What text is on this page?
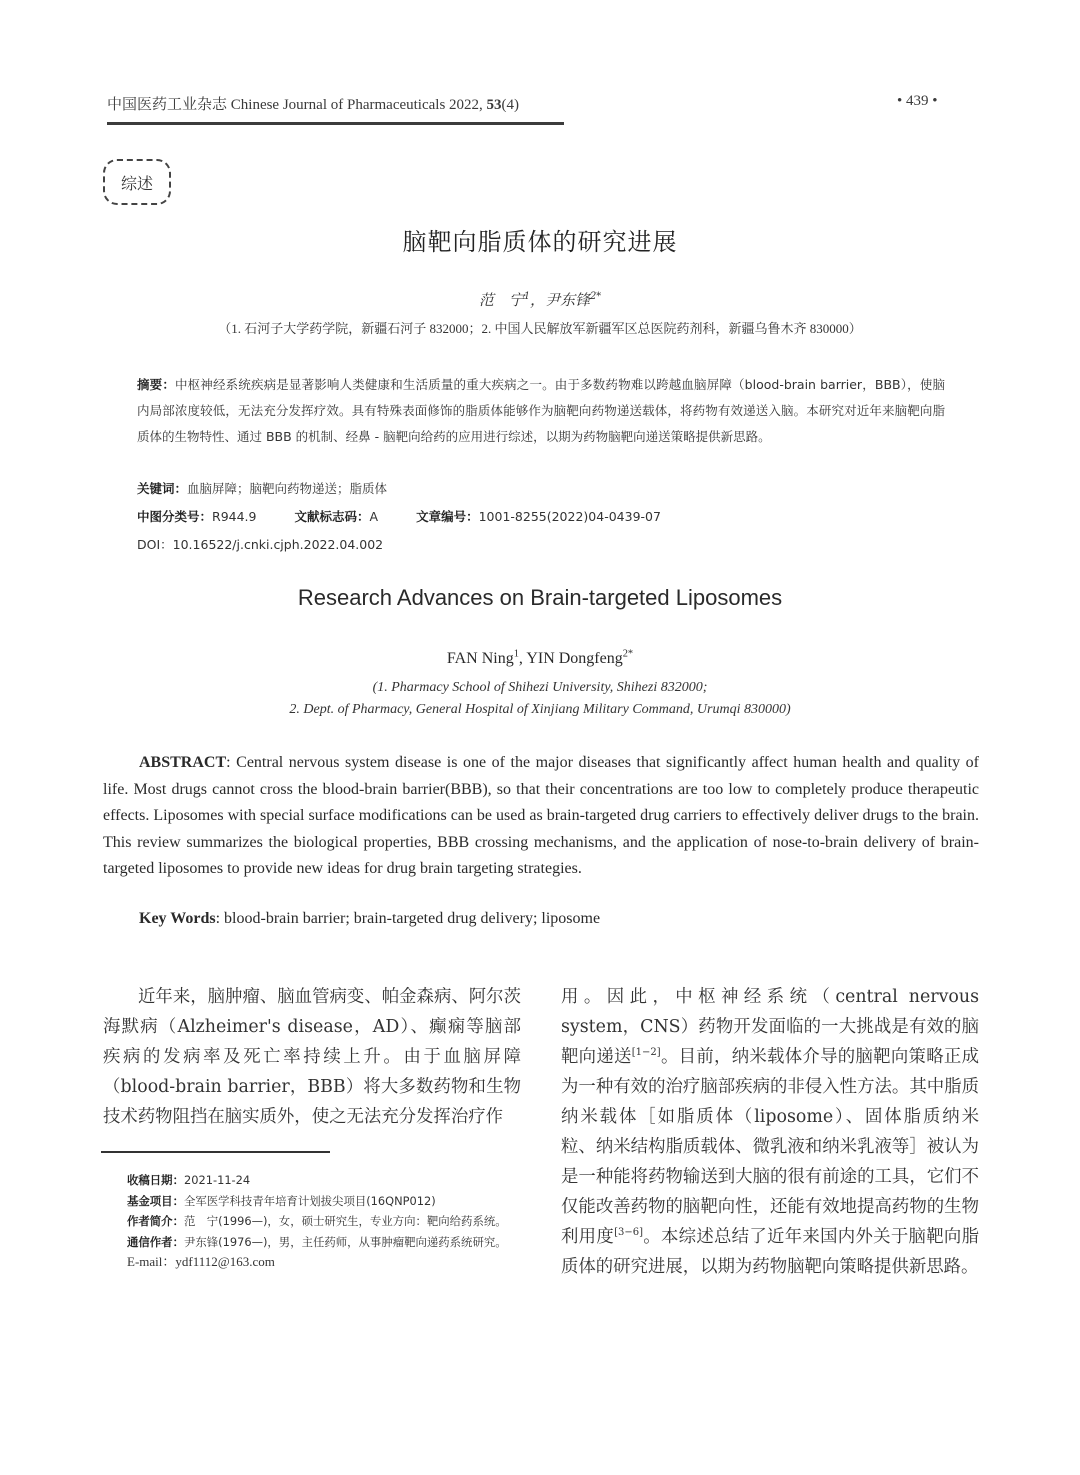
中国医药工业杂志 Chinese Journal of Pharmaceuticals 2022, 53(4)	• 439 •
综述
脑靶向脂质体的研究进展
范　宁$^1$，尹东锋$^{2*}$
（1. 石河子大学药学院，新疆石河子 832000；2. 中国人民解放军新疆军区总医院药剂科，新疆乌鲁木齐 830000）
摘要：中枢神经系统疾病是显著影响人类健康和生活质量的重大疾病之一。由于多数药物难以跨越血脑屏障（blood-brain barrier，BBB），使脑内局部浓度较低，无法充分发挥疗效。具有特殊表面修饰的脂质体能够作为脑靶向药物递送载体，将药物有效递送入脑。本研究对近年来脑靶向脂质体的生物特性、通过 BBB 的机制、经鼻 - 脑靶向给药的应用进行综述，以期为药物脑靶向递送策略提供新思路。
关键词：血脑屏障；脑靶向药物递送；脂质体
中图分类号：R944.9	文献标志码：A	文章编号：1001-8255(2022)04-0439-07
DOI：10.16522/j.cnki.cjph.2022.04.002
Research Advances on Brain-targeted Liposomes
FAN Ning$^1$, YIN Dongfeng$^{2*}$
(1. Pharmacy School of Shihezi University, Shihezi 832000;
2. Dept. of Pharmacy, General Hospital of Xinjiang Military Command, Urumqi 830000)
ABSTRACT: Central nervous system disease is one of the major diseases that significantly affect human health and quality of life. Most drugs cannot cross the blood-brain barrier(BBB), so that their concentrations are too low to completely produce therapeutic effects. Liposomes with special surface modifications can be used as brain-targeted drug carriers to effectively deliver drugs to the brain. This review summarizes the biological properties, BBB crossing mechanisms, and the application of nose-to-brain delivery of brain-targeted liposomes to provide new ideas for drug brain targeting strategies.
Key Words: blood-brain barrier; brain-targeted drug delivery; liposome
近年来，脑肿瘤、脑血管病变、帕金森病、阿尔茨海默病（Alzheimer's disease，AD）、癫痫等脑部疾病的发病率及死亡率持续上升。由于血脑屏障（blood-brain barrier，BBB）将大多数药物和生物技术药物阻挡在脑实质外，使之无法充分发挥治疗作
用。因此，中枢神经系统（central nervous system，CNS）药物开发面临的一大挑战是有效的脑靶向递送[1−2]。目前，纳米载体介导的脑靶向策略正成为一种有效的治疗脑部疾病的非侵入性方法。其中脂质纳米载体［如脂质体（liposome）、固体脂质纳米粒、纳米结构脂质载体、微乳液和纳米乳液等］被认为是一种能将药物输送到大脑的很有前途的工具，它们不仅能改善药物的脑靶向性，还能有效地提高药物的生物利用度[3−6]。本综述总结了近年来国内外关于脑靶向脂质体的研究进展，以期为药物脑靶向策略提供新思路。
收稿日期：2021-11-24
基金项目：全军医学科技青年培育计划拔尖项目(16QNP012)
作者简介：范　宁(1996—)，女，硕士研究生，专业方向：靶向给药系统。
通信作者：尹东锋(1976—)，男，主任药师，从事肿瘤靶向递药系统研究。
E-mail：ydf1112@163.com
